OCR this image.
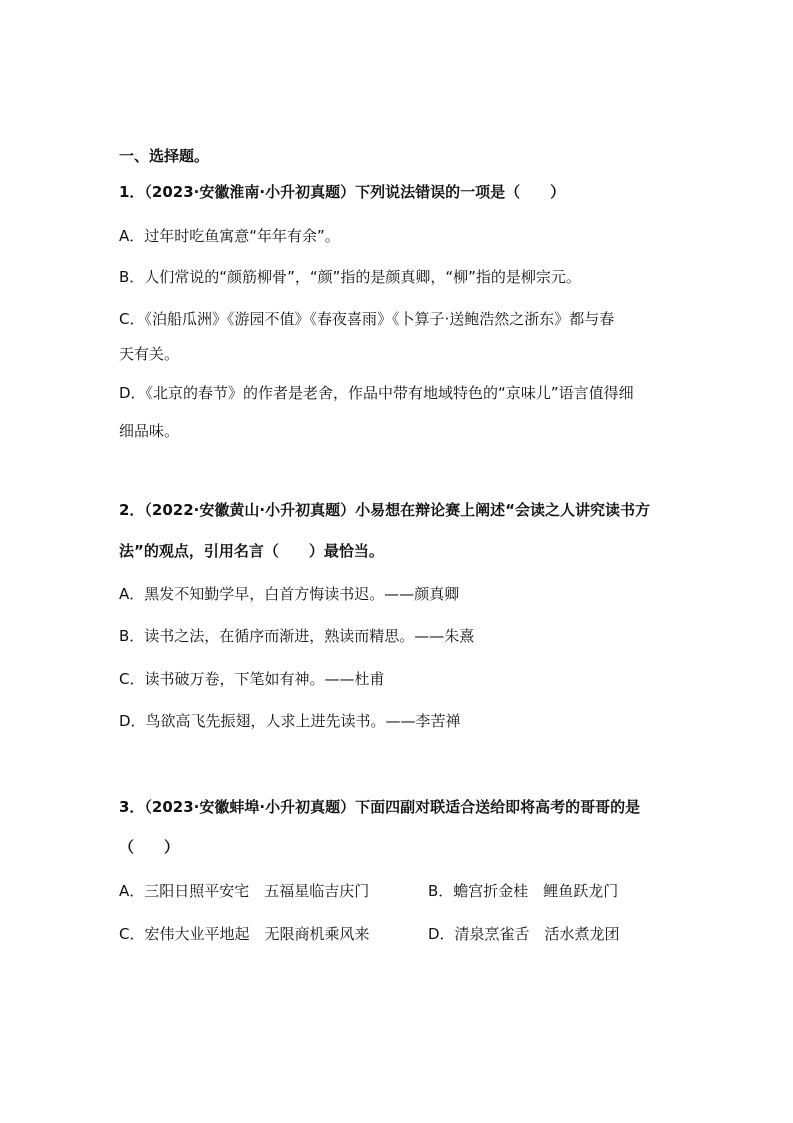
一、选择题。
1．（2023·安徽淮南·小升初真题）下列说法错误的一项是（　　）
A．过年时吃鱼寓意“年年有余”。
B．人们常说的“颜筋柳骨”，“颜”指的是颜真卿，“柳”指的是柳宗元。
C．《泊船瓜洲》《游园不值》《春夜喜雨》《卜算子·送鲍浩然之浙东》都与春
天有关。
D．《北京的春节》的作者是老舍，作品中带有地域特色的“京味儿”语言值得细
细品味。
2．（2022·安徽黄山·小升初真题）小易想在辩论赛上阐述“会读之人讲究读书方
法”的观点，引用名言（　　）最恰当。
A．黑发不知勤学早，白首方悔读书迟。——颜真卿
B．读书之法，在循序而渐进，熟读而精思。——朱熹
C．读书破万卷，下笔如有神。——杜甫
D．鸟欲高飞先振翅，人求上进先读书。——李苦禅
3．（2023·安徽蚌埠·小升初真题）下面四副对联适合送给即将高考的哥哥的是
（　　）
A．三阳日照平安宅　五福星临吉庆门	B．蟾宫折金桂　鲤鱼跃龙门
C．宏伟大业平地起　无限商机乘风来	D．清泉烹雀舌　活水煮龙团
